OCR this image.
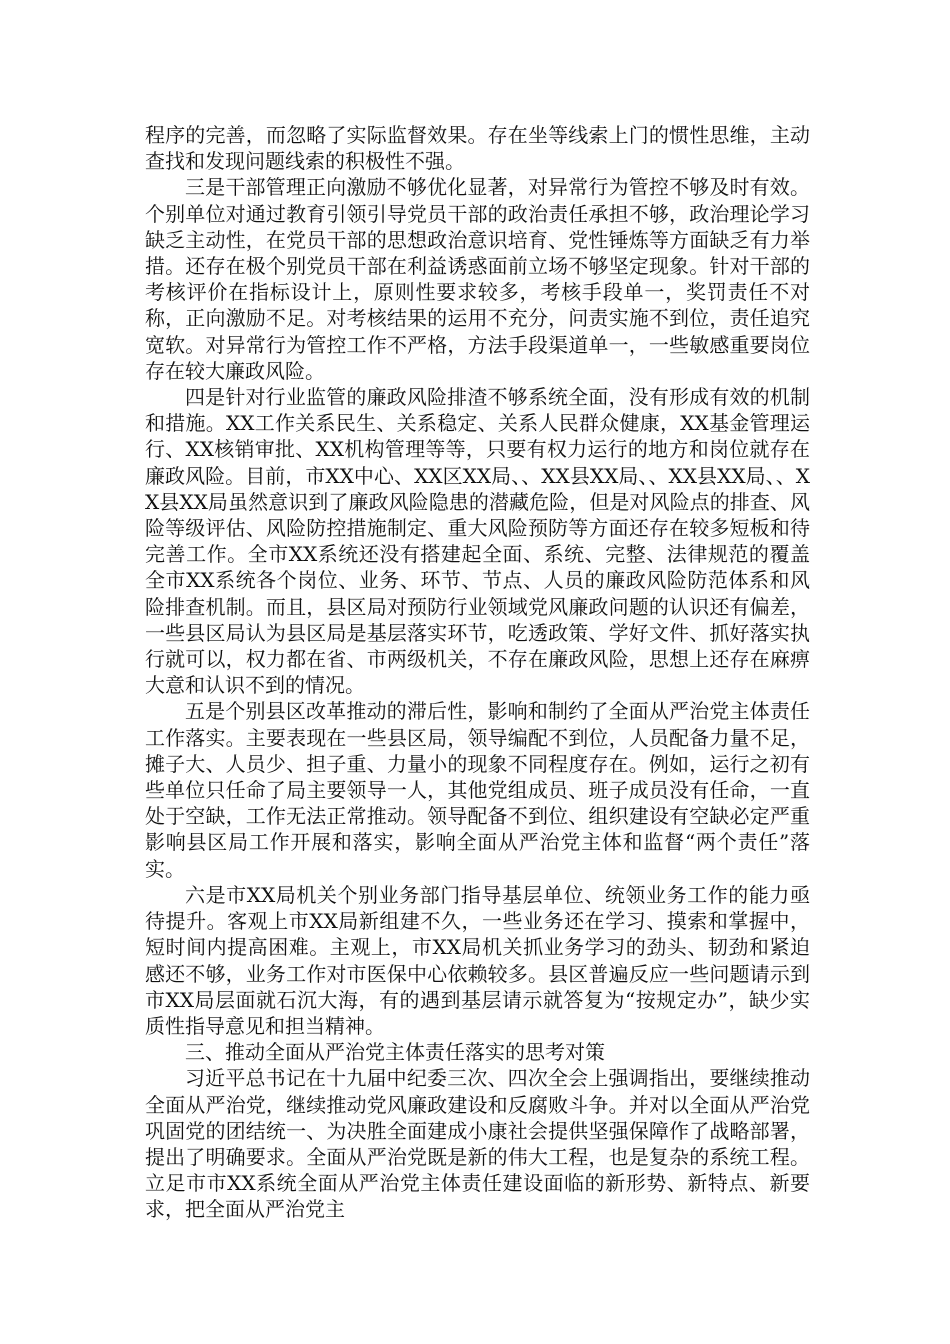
程序的完善，而忽略了实际监督效果。存在坐等线索上门的惯性思维，主动查找和发现问题线索的积极性不强。

三是干部管理正向激励不够优化显著，对异常行为管控不够及时有效。个别单位对通过教育引领引导党员干部的政治责任承担不够，政治理论学习缺乏主动性，在党员干部的思想政治意识培育、党性锤炼等方面缺乏有力举措。还存在极个别党员干部在利益诱惑面前立场不够坚定现象。针对干部的考核评价在指标设计上，原则性要求较多，考核手段单一，奖罚责任不对称，正向激励不足。对考核结果的运用不充分，问责实施不到位，责任追究宽软。对异常行为管控工作不严格，方法手段渠道单一，一些敏感重要岗位存在较大廉政风险。

四是针对行业监管的廉政风险排渣不够系统全面，没有形成有效的机制和措施。XX工作关系民生、关系稳定、关系人民群众健康，XX基金管理运行、XX核销审批、XX机构管理等等，只要有权力运行的地方和岗位就存在廉政风险。目前，市XX中心、XX区XX局、、XX县XX局、、XX县XX局、、XX县XX局虽然意识到了廉政风险隐患的潜藏危险，但是对风险点的排查、风险等级评估、风险防控措施制定、重大风险预防等方面还存在较多短板和待完善工作。全市XX系统还没有搭建起全面、系统、完整、法律规范的覆盖全市XX系统各个岗位、业务、环节、节点、人员的廉政风险防范体系和风险排查机制。而且，县区局对预防行业领域党风廉政问题的认识还有偏差，一些县区局认为县区局是基层落实环节，吃透政策、学好文件、抓好落实执行就可以，权力都在省、市两级机关，不存在廉政风险，思想上还存在麻痹大意和认识不到的情况。

五是个别县区改革推动的滞后性，影响和制约了全面从严治党主体责任工作落实。主要表现在一些县区局，领导编配不到位，人员配备力量不足，摊子大、人员少、担子重、力量小的现象不同程度存在。例如，运行之初有些单位只任命了局主要领导一人，其他党组成员、班子成员没有任命，一直处于空缺，工作无法正常推动。领导配备不到位、组织建设有空缺必定严重影响县区局工作开展和落实，影响全面从严治党主体和监督“两个责任”落实。

六是市XX局机关个别业务部门指导基层单位、统领业务工作的能力亟待提升。客观上市XX局新组建不久，一些业务还在学习、摸索和掌握中，短时间内提高困难。主观上，市XX局机关抓业务学习的劲头、韧劲和紧迫感还不够，业务工作对市医保中心依赖较多。县区普遍反应一些问题请示到市XX局层面就石沉大海，有的遇到基层请示就答复为“按规定办”，缺少实质性指导意见和担当精神。

三、推动全面从严治党主体责任落实的思考对策

习近平总书记在十九届中纪委三次、四次全会上强调指出，要继续推动全面从严治党，继续推动党风廉政建设和反腐败斗争。并对以全面从严治党巩固党的团结统一、为决胜全面建成小康社会提供坚强保障作了战略部署，提出了明确要求。全面从严治党既是新的伟大工程，也是复杂的系统工程。立足市市XX系统全面从严治党主体责任建设面临的新形势、新特点、新要求，把全面从严治党主
